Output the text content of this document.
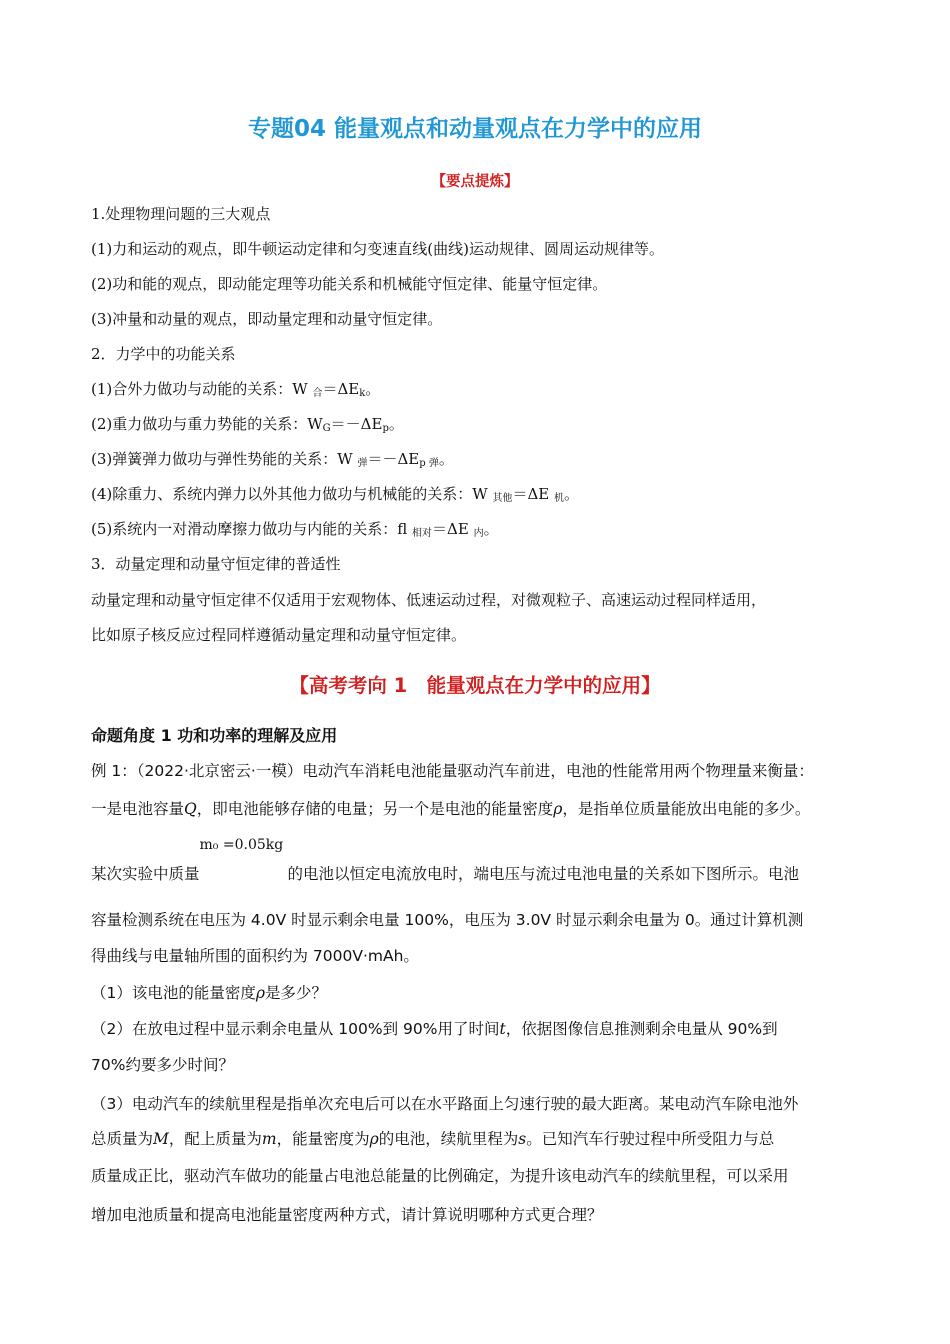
专题04 能量观点和动量观点在力学中的应用
【要点提炼】
1.处理物理问题的三大观点
(1)力和运动的观点，即牛顿运动定律和匀变速直线(曲线)运动规律、圆周运动规律等。
(2)功和能的观点，即动能定理等功能关系和机械能守恒定律、能量守恒定律。
(3)冲量和动量的观点，即动量定理和动量守恒定律。
2．力学中的功能关系
(1)合外力做功与动能的关系：W $_合=\Delta E_k$。
(2)重力做功与重力势能的关系：$W_G=-\Delta E_p$。
(3)弹簧弹力做功与弹性势能的关系：W $_弹=-\Delta E_{p 弹}$。
(4)除重力、系统内弹力以外其他力做功与机械能的关系：W $_{其他}$＝ΔE $_机$。
(5)系统内一对滑动摩擦力做功与内能的关系：fl $_{相对}$＝ΔE $_内$。
3．动量定理和动量守恒定律的普适性
动量定理和动量守恒定律不仅适用于宏观物体、低速运动过程，对微观粒子、高速运动过程同样适用，
比如原子核反应过程同样遵循动量定理和动量守恒定律。
【高考考向 1　能量观点在力学中的应用】
命题角度 1 功和功率的理解及应用
例 1：（2022·北京密云·一模）电动汽车消耗电池能量驱动汽车前进，电池的性能常用两个物理量来衡量：
一是电池容量Q，即电池能够存储的电量；另一个是电池的能量密度ρ，是指单位质量能放出电能的多少。
某次实验中质量
m₀ =0.05kg
的电池以恒定电流放电时，端电压与流过电池电量的关系如下图所示。电池
容量检测系统在电压为 4.0V 时显示剩余电量 100%，电压为 3.0V 时显示剩余电量为 0。通过计算机测
得曲线与电量轴所围的面积约为 7000V·mAh。
（1）该电池的能量密度ρ是多少？
（2）在放电过程中显示剩余电量从 100%到 90%用了时间t，依据图像信息推测剩余电量从 90%到
70%约要多少时间？
（3）电动汽车的续航里程是指单次充电后可以在水平路面上匀速行驶的最大距离。某电动汽车除电池外
总质量为M，配上质量为m，能量密度为ρ的电池，续航里程为s。已知汽车行驶过程中所受阻力与总
质量成正比，驱动汽车做功的能量占电池总能量的比例确定，为提升该电动汽车的续航里程，可以采用
增加电池质量和提高电池能量密度两种方式，请计算说明哪种方式更合理？
